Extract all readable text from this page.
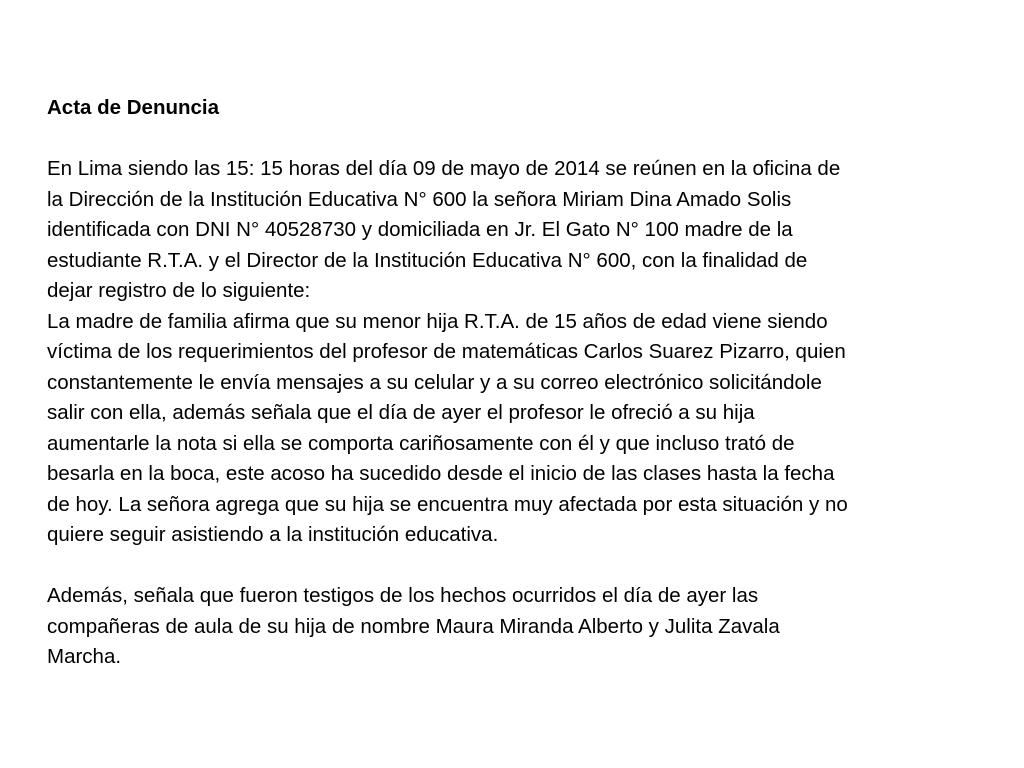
Acta de Denuncia
En Lima siendo las 15: 15 horas del día 09 de mayo de 2014 se reúnen en la oficina de
la Dirección de la Institución Educativa N° 600 la señora Miriam Dina Amado Solis
identificada con DNI N° 40528730 y domiciliada en Jr. El Gato N° 100 madre de la
estudiante R.T.A. y el Director de la Institución Educativa N° 600, con la finalidad de
dejar registro de lo siguiente:
La madre de familia afirma que su menor hija R.T.A. de 15 años de edad viene siendo
víctima de los requerimientos del profesor de matemáticas Carlos Suarez Pizarro, quien
constantemente le envía mensajes a su celular y a su correo electrónico solicitándole
salir con ella, además señala que el día de ayer el profesor le ofreció a su hija
aumentarle la nota si ella se comporta cariñosamente con él y que incluso trató de
besarla en la boca, este acoso ha sucedido desde el inicio de las clases hasta la fecha
de hoy. La señora agrega que su hija se encuentra muy afectada por esta situación y no
quiere seguir asistiendo a la institución educativa.
Además, señala que fueron testigos de los hechos ocurridos el día de ayer las
compañeras de aula de su hija de nombre Maura Miranda Alberto y Julita Zavala
Marcha.
